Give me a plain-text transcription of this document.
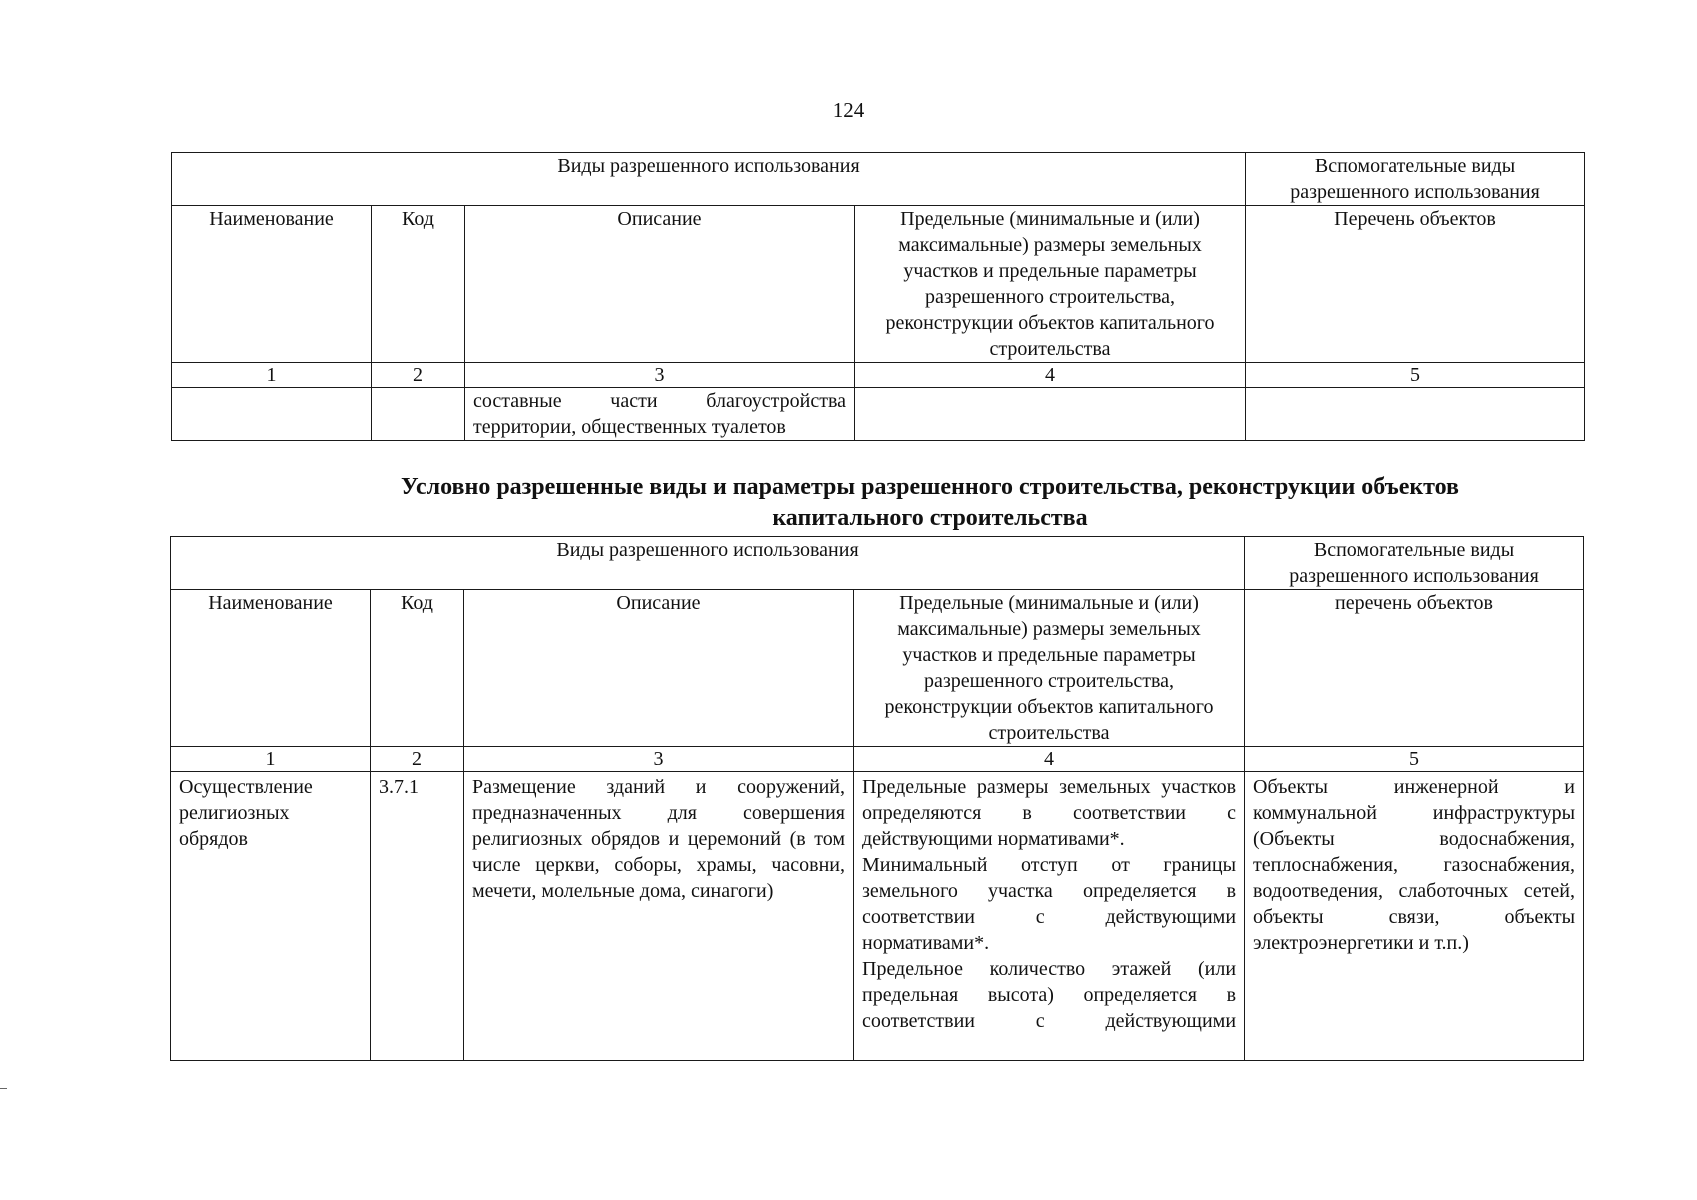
124
Виды разрешенного использования				Вспомогательные виды разрешенного использования
Наименование	Код	Описание	Предельные (минимальные и (или) максимальные) размеры земельных участков и предельные параметры разрешенного строительства, реконструкции объектов капитального строительства	Перечень объектов
1	2	3	4	5

		составные части благоустройства
территории, общественных туалетов		

Условно разрешенные виды и параметры разрешенного строительства, реконструкции объектов
капитального строительства
Виды разрешенного использования				Вспомогательные виды разрешенного использования
Наименование	Код	Описание	Предельные (минимальные и (или) максимальные) размеры земельных участков и предельные параметры разрешенного строительства, реконструкции объектов капитального строительства	перечень объектов
1	2	3	4	5
Осуществление религиозных обрядов	3.7.1	Размещение зданий и сооружений, предназначенных для совершения религиозных обрядов и церемоний (в том числе церкви, соборы, храмы, часовни, мечети, молельные дома, синагоги)	Предельные размеры земельных участков определяются в соответствии с действующими нормативами*.
Минимальный отступ от границы земельного участка определяется в соответствии с действующими нормативами*.
Предельное количество этажей (или предельная высота) определяется в соответствии с действующими	Объекты инженерной и коммунальной инфраструктуры (Объекты водоснабжения, теплоснабжения, газоснабжения, водоотведения, слаботочных сетей, объекты связи, объекты электроэнергетики и т.п.)
